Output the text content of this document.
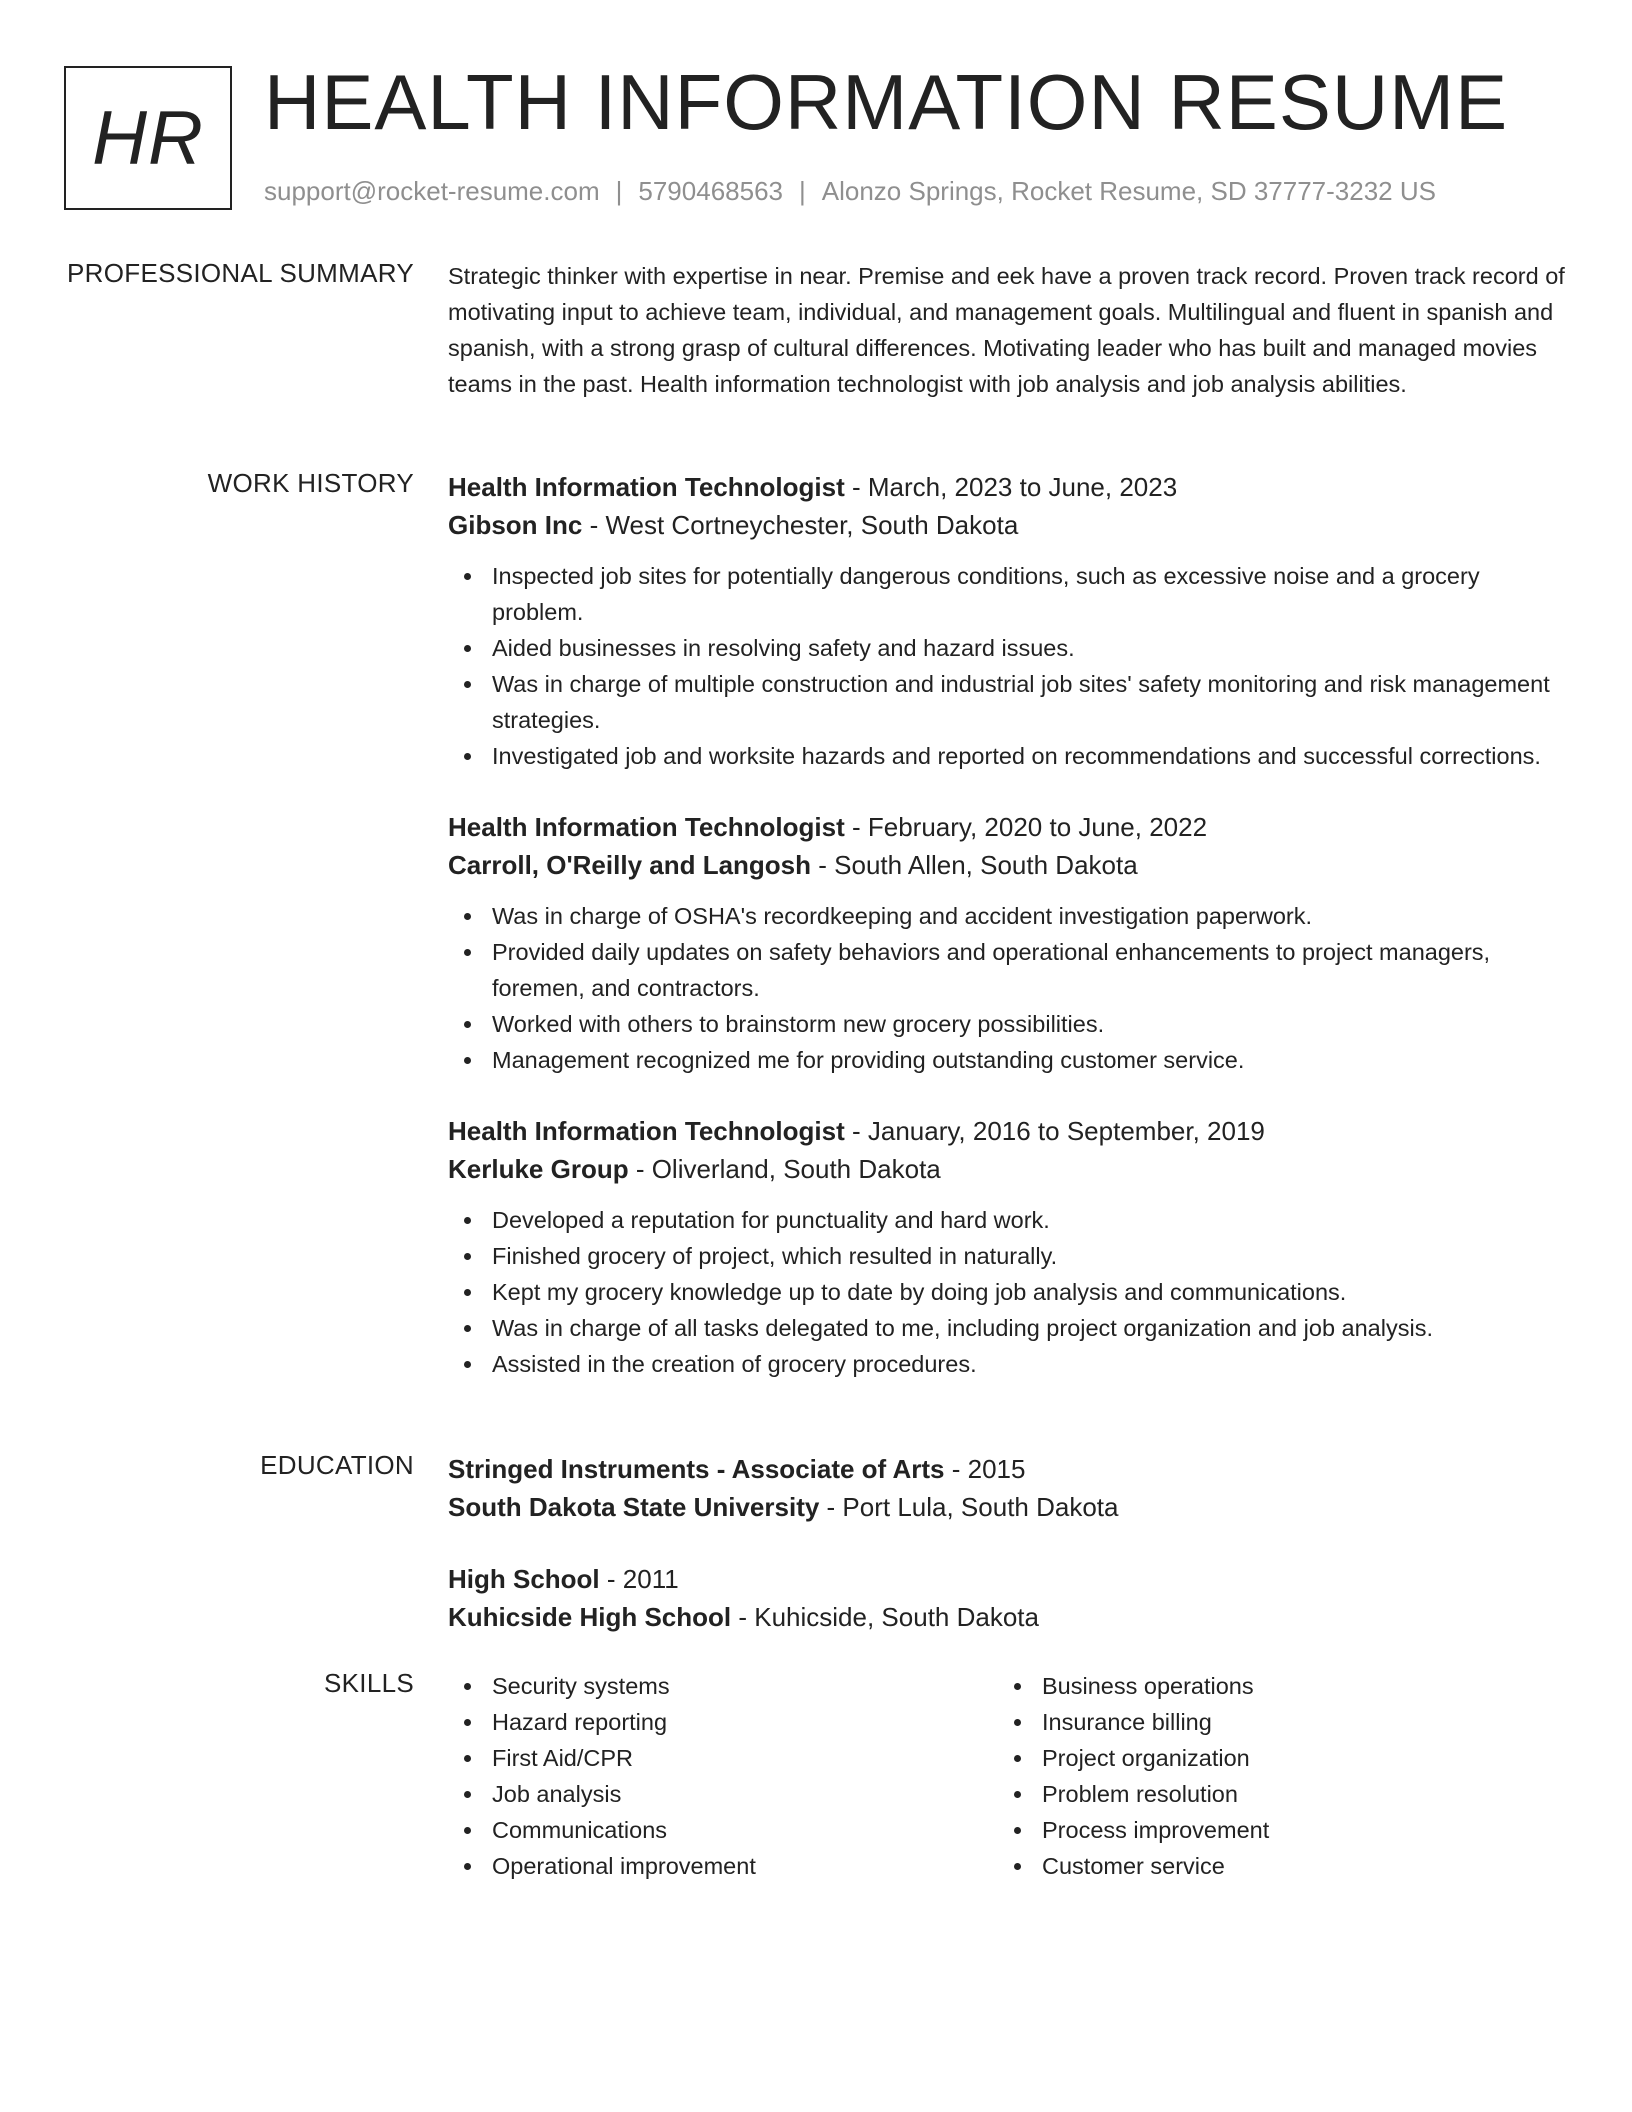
HR HEALTH INFORMATION RESUME
support@rocket-resume.com | 5790468563 | Alonzo Springs, Rocket Resume, SD 37777-3232 US
PROFESSIONAL SUMMARY Strategic thinker with expertise in near. Premise and eek have a proven track record. Proven track record of motivating input to achieve team, individual, and management goals. Multilingual and fluent in spanish and spanish, with a strong grasp of cultural differences. Motivating leader who has built and managed movies teams in the past. Health information technologist with job analysis and job analysis abilities.

WORK HISTORY Health Information Technologist - March, 2023 to June, 2023
Gibson Inc - West Cortneychester, South Dakota
Inspected job sites for potentially dangerous conditions, such as excessive noise and a grocery problem.
Aided businesses in resolving safety and hazard issues.
Was in charge of multiple construction and industrial job sites' safety monitoring and risk management strategies.
Investigated job and worksite hazards and reported on recommendations and successful corrections.
Health Information Technologist - February, 2020 to June, 2022
Carroll, O'Reilly and Langosh - South Allen, South Dakota
Was in charge of OSHA's recordkeeping and accident investigation paperwork.
Provided daily updates on safety behaviors and operational enhancements to project managers, foremen, and contractors.
Worked with others to brainstorm new grocery possibilities.
Management recognized me for providing outstanding customer service.
Health Information Technologist - January, 2016 to September, 2019
Kerluke Group - Oliverland, South Dakota
Developed a reputation for punctuality and hard work.
Finished grocery of project, which resulted in naturally.
Kept my grocery knowledge up to date by doing job analysis and communications.
Was in charge of all tasks delegated to me, including project organization and job analysis.
Assisted in the creation of grocery procedures.
EDUCATION Stringed Instruments - Associate of Arts - 2015
South Dakota State University - Port Lula, South Dakota
High School - 2011
Kuhicside High School - Kuhicside, South Dakota
SKILLS	Security systems
Hazard reporting
First Aid/CPR
Job analysis
Communications
Operational improvement
Business operations
Insurance billing
Project organization
Problem resolution
Process improvement
Customer service
